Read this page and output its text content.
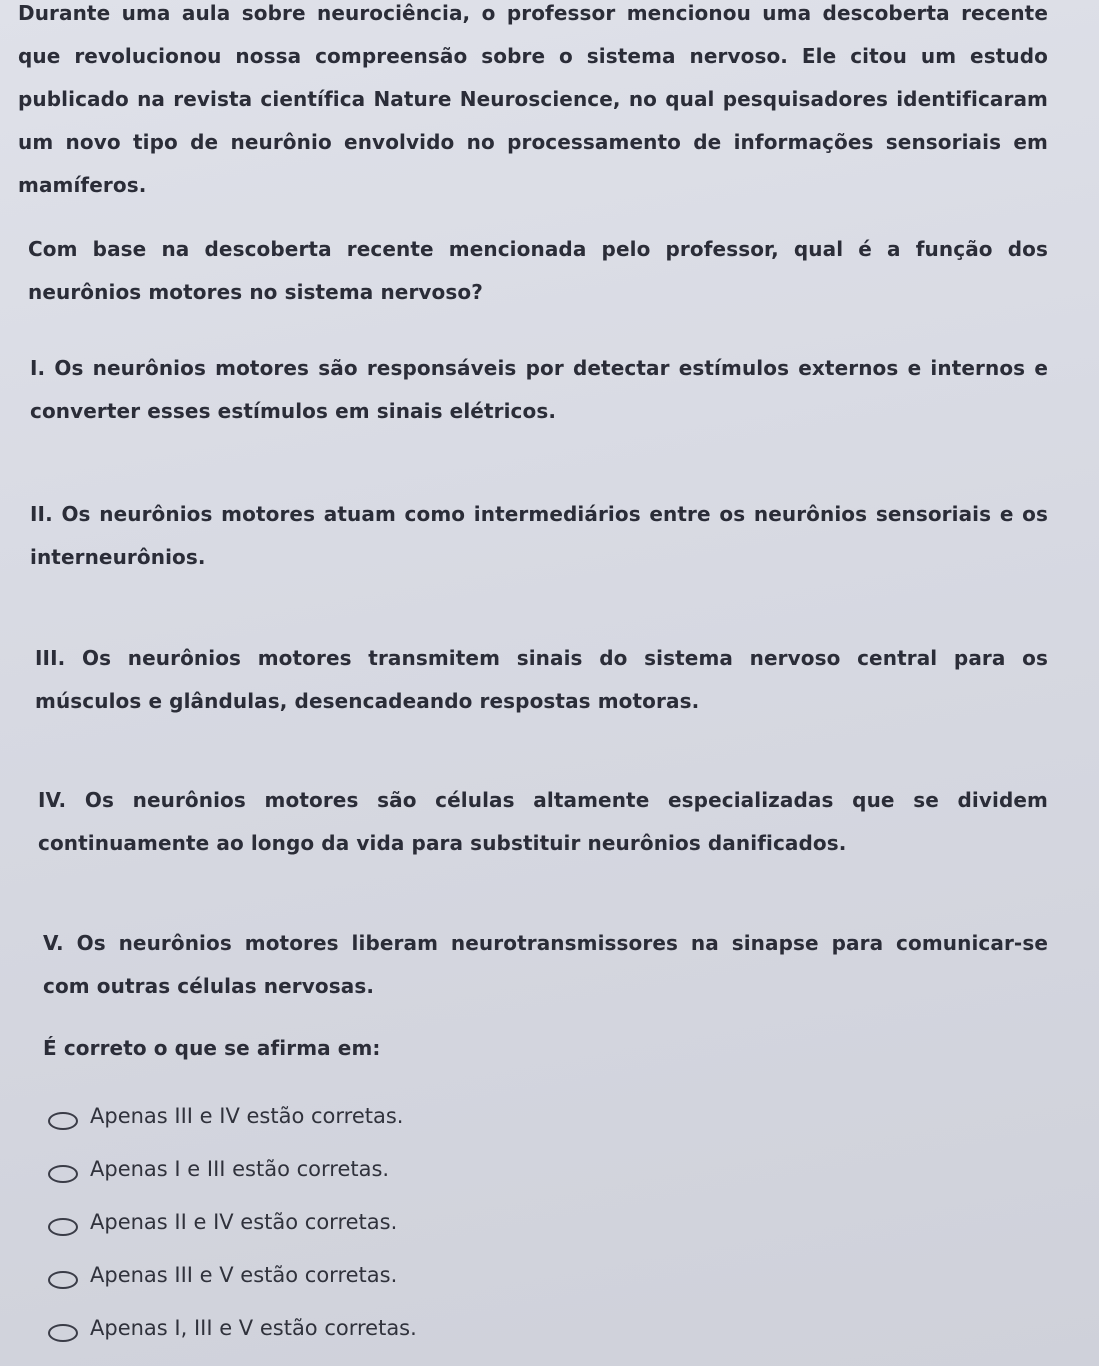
Durante uma aula sobre neurociência, o professor mencionou uma descoberta recente que revolucionou nossa compreensão sobre o sistema nervoso. Ele citou um estudo publicado na revista científica Nature Neuroscience, no qual pesquisadores identificaram um novo tipo de neurônio envolvido no processamento de informações sensoriais em mamíferos.

Com base na descoberta recente mencionada pelo professor, qual é a função dos neurônios motores no sistema nervoso?

I. Os neurônios motores são responsáveis por detectar estímulos externos e internos e converter esses estímulos em sinais elétricos.

II. Os neurônios motores atuam como intermediários entre os neurônios sensoriais e os interneurônios.

III. Os neurônios motores transmitem sinais do sistema nervoso central para os músculos e glândulas, desencadeando respostas motoras.

IV. Os neurônios motores são células altamente especializadas que se dividem continuamente ao longo da vida para substituir neurônios danificados.

V. Os neurônios motores liberam neurotransmissores na sinapse para comunicar-se com outras células nervosas.

É correto o que se afirma em:

Apenas III e IV estão corretas.
Apenas I e III estão corretas.
Apenas II e IV estão corretas.
Apenas III e V estão corretas.
Apenas I, III e V estão corretas.
